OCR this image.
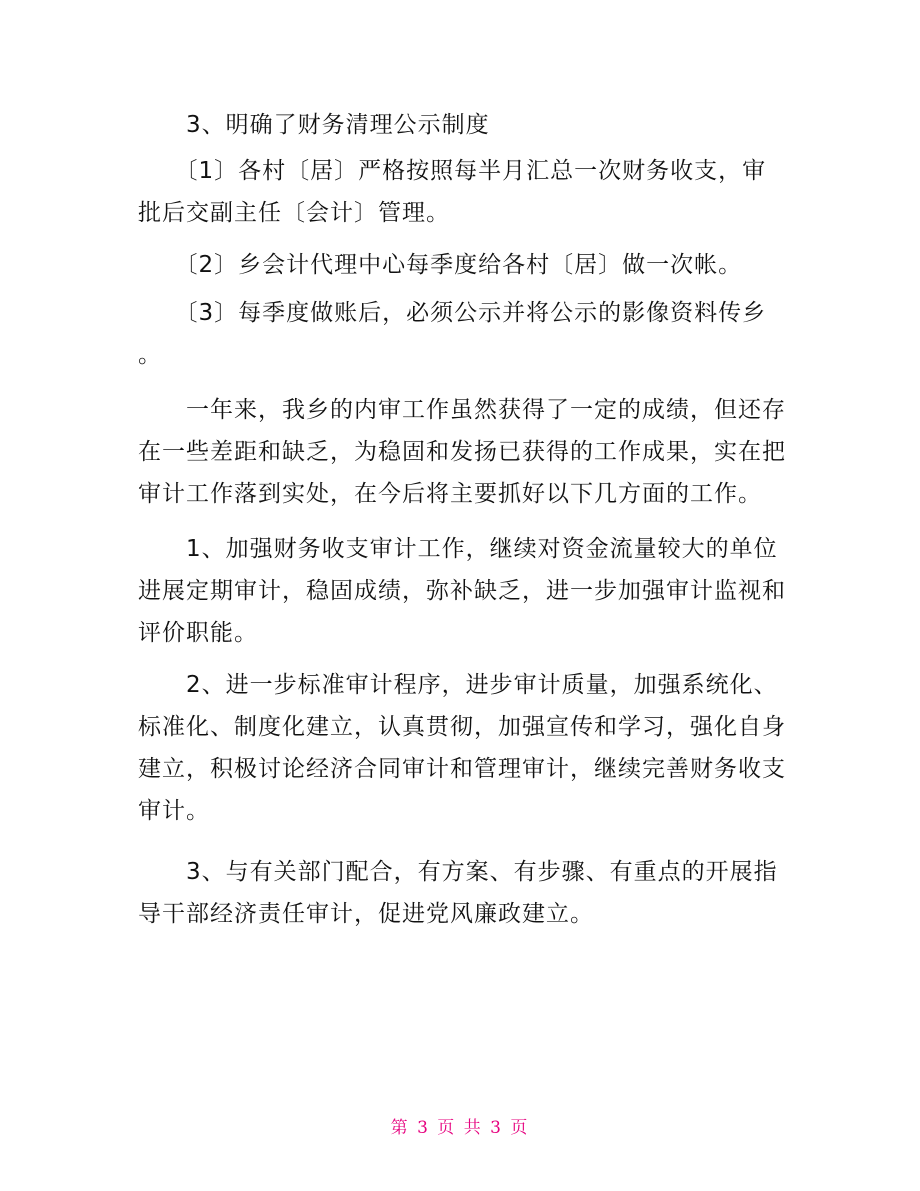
　　3、明确了财务清理公示制度
　　〔1〕各村〔居〕严格按照每半月汇总一次财务收支，审
批后交副主任〔会计〕管理。
　　〔2〕乡会计代理中心每季度给各村〔居〕做一次帐。
　　〔3〕每季度做账后，必须公示并将公示的影像资料传乡
。
　　一年来，我乡的内审工作虽然获得了一定的成绩，但还存
在一些差距和缺乏，为稳固和发扬已获得的工作成果，实在把
审计工作落到实处，在今后将主要抓好以下几方面的工作。
　　1、加强财务收支审计工作，继续对资金流量较大的单位
进展定期审计，稳固成绩，弥补缺乏，进一步加强审计监视和
评价职能。
　　2、进一步标准审计程序，进步审计质量，加强系统化、
标准化、制度化建立，认真贯彻，加强宣传和学习，强化自身
建立，积极讨论经济合同审计和管理审计，继续完善财务收支
审计。
　　3、与有关部门配合，有方案、有步骤、有重点的开展指
导干部经济责任审计，促进党风廉政建立。
第 3 页 共 3 页
